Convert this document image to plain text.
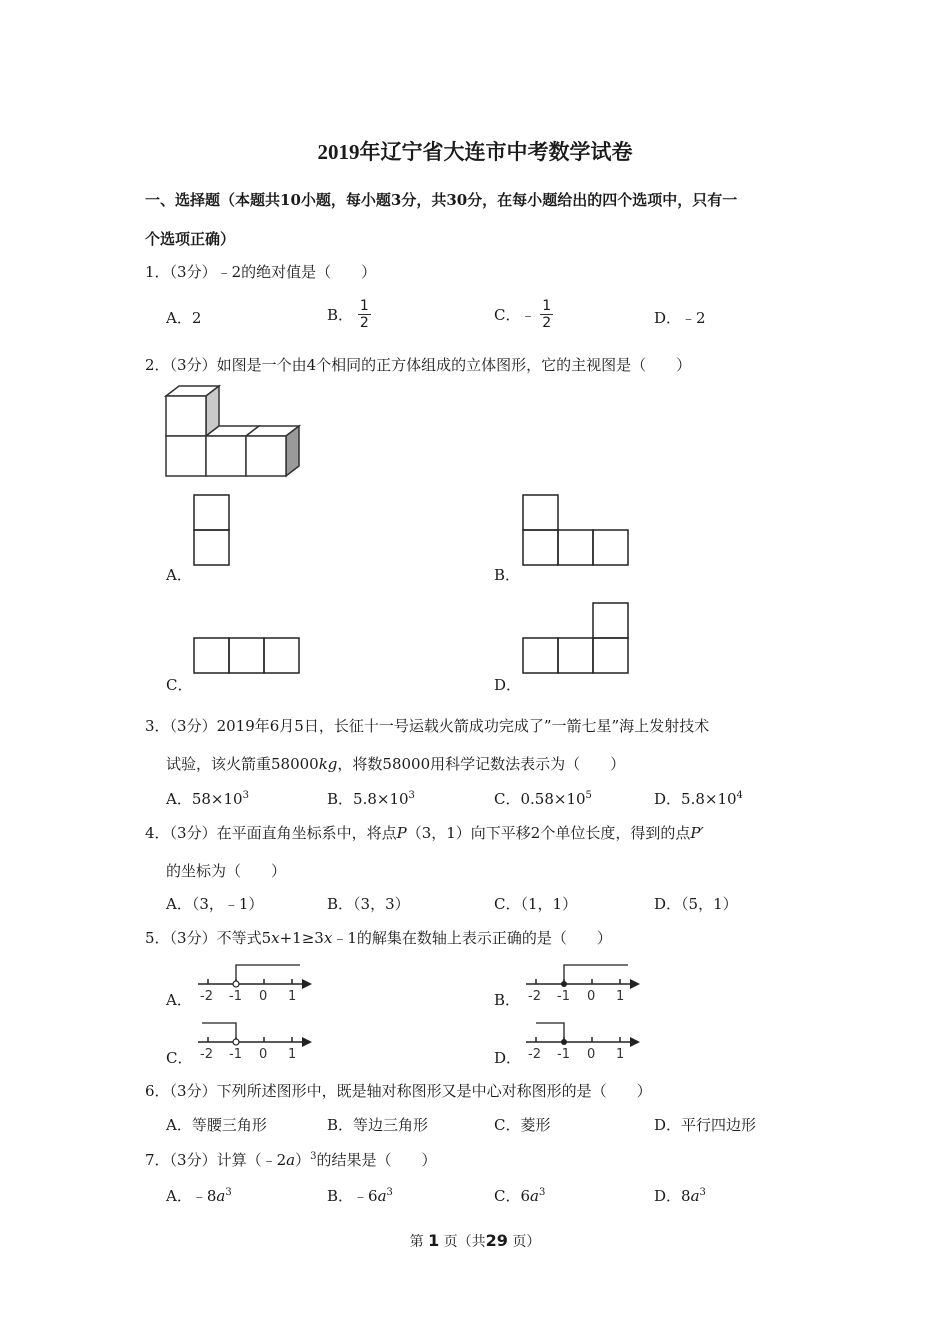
2019年辽宁省大连市中考数学试卷
一、选择题（本题共10小题，每小题3分，共30分，在每小题给出的四个选项中，只有一
个选项正确）
1．（3分）﹣2的绝对值是（　　）
A．2	B． $\frac{1}{2}$	C．﹣ $\frac{1}{2}$	D．﹣2
2．（3分）如图是一个由4个相同的正方体组成的立体图形，它的主视图是（　　）
A．	B．
C．	D．
3．（3分）2019年6月5日，长征十一号运载火箭成功完成了”一箭七星”海上发射技术
试验，该火箭重58000kg，将数58000用科学记数法表示为（　　）
A．$58\times 10^3$	B．$5.8\times 10^3$	C．$0.58\times 10^5$	D．$5.8\times 10^4$
4．（3分）在平面直角坐标系中，将点P（3，1）向下平移2个单位长度，得到的点P′
的坐标为（　　）
A．（3，﹣1）	B．（3，3）	C．（1，1）	D．（5，1）
5．（3分）不等式5x+1≥3x﹣1的解集在数轴上表示正确的是（　　）
A． -2 -1 0 1	B． -2 -1 0 1
C． -2 -1 0 1	D． -2 -1 0 1
6．（3分）下列所述图形中，既是轴对称图形又是中心对称图形的是（　　）
A．等腰三角形	B．等边三角形	C．菱形	D．平行四边形
7．（3分）计算（﹣2a）$^3$的结果是（　　）
A．$﹣8a^3$	B．$﹣6a^3$	C．$6a^3$	D．$8a^3$
第 1 页（共29 页）
